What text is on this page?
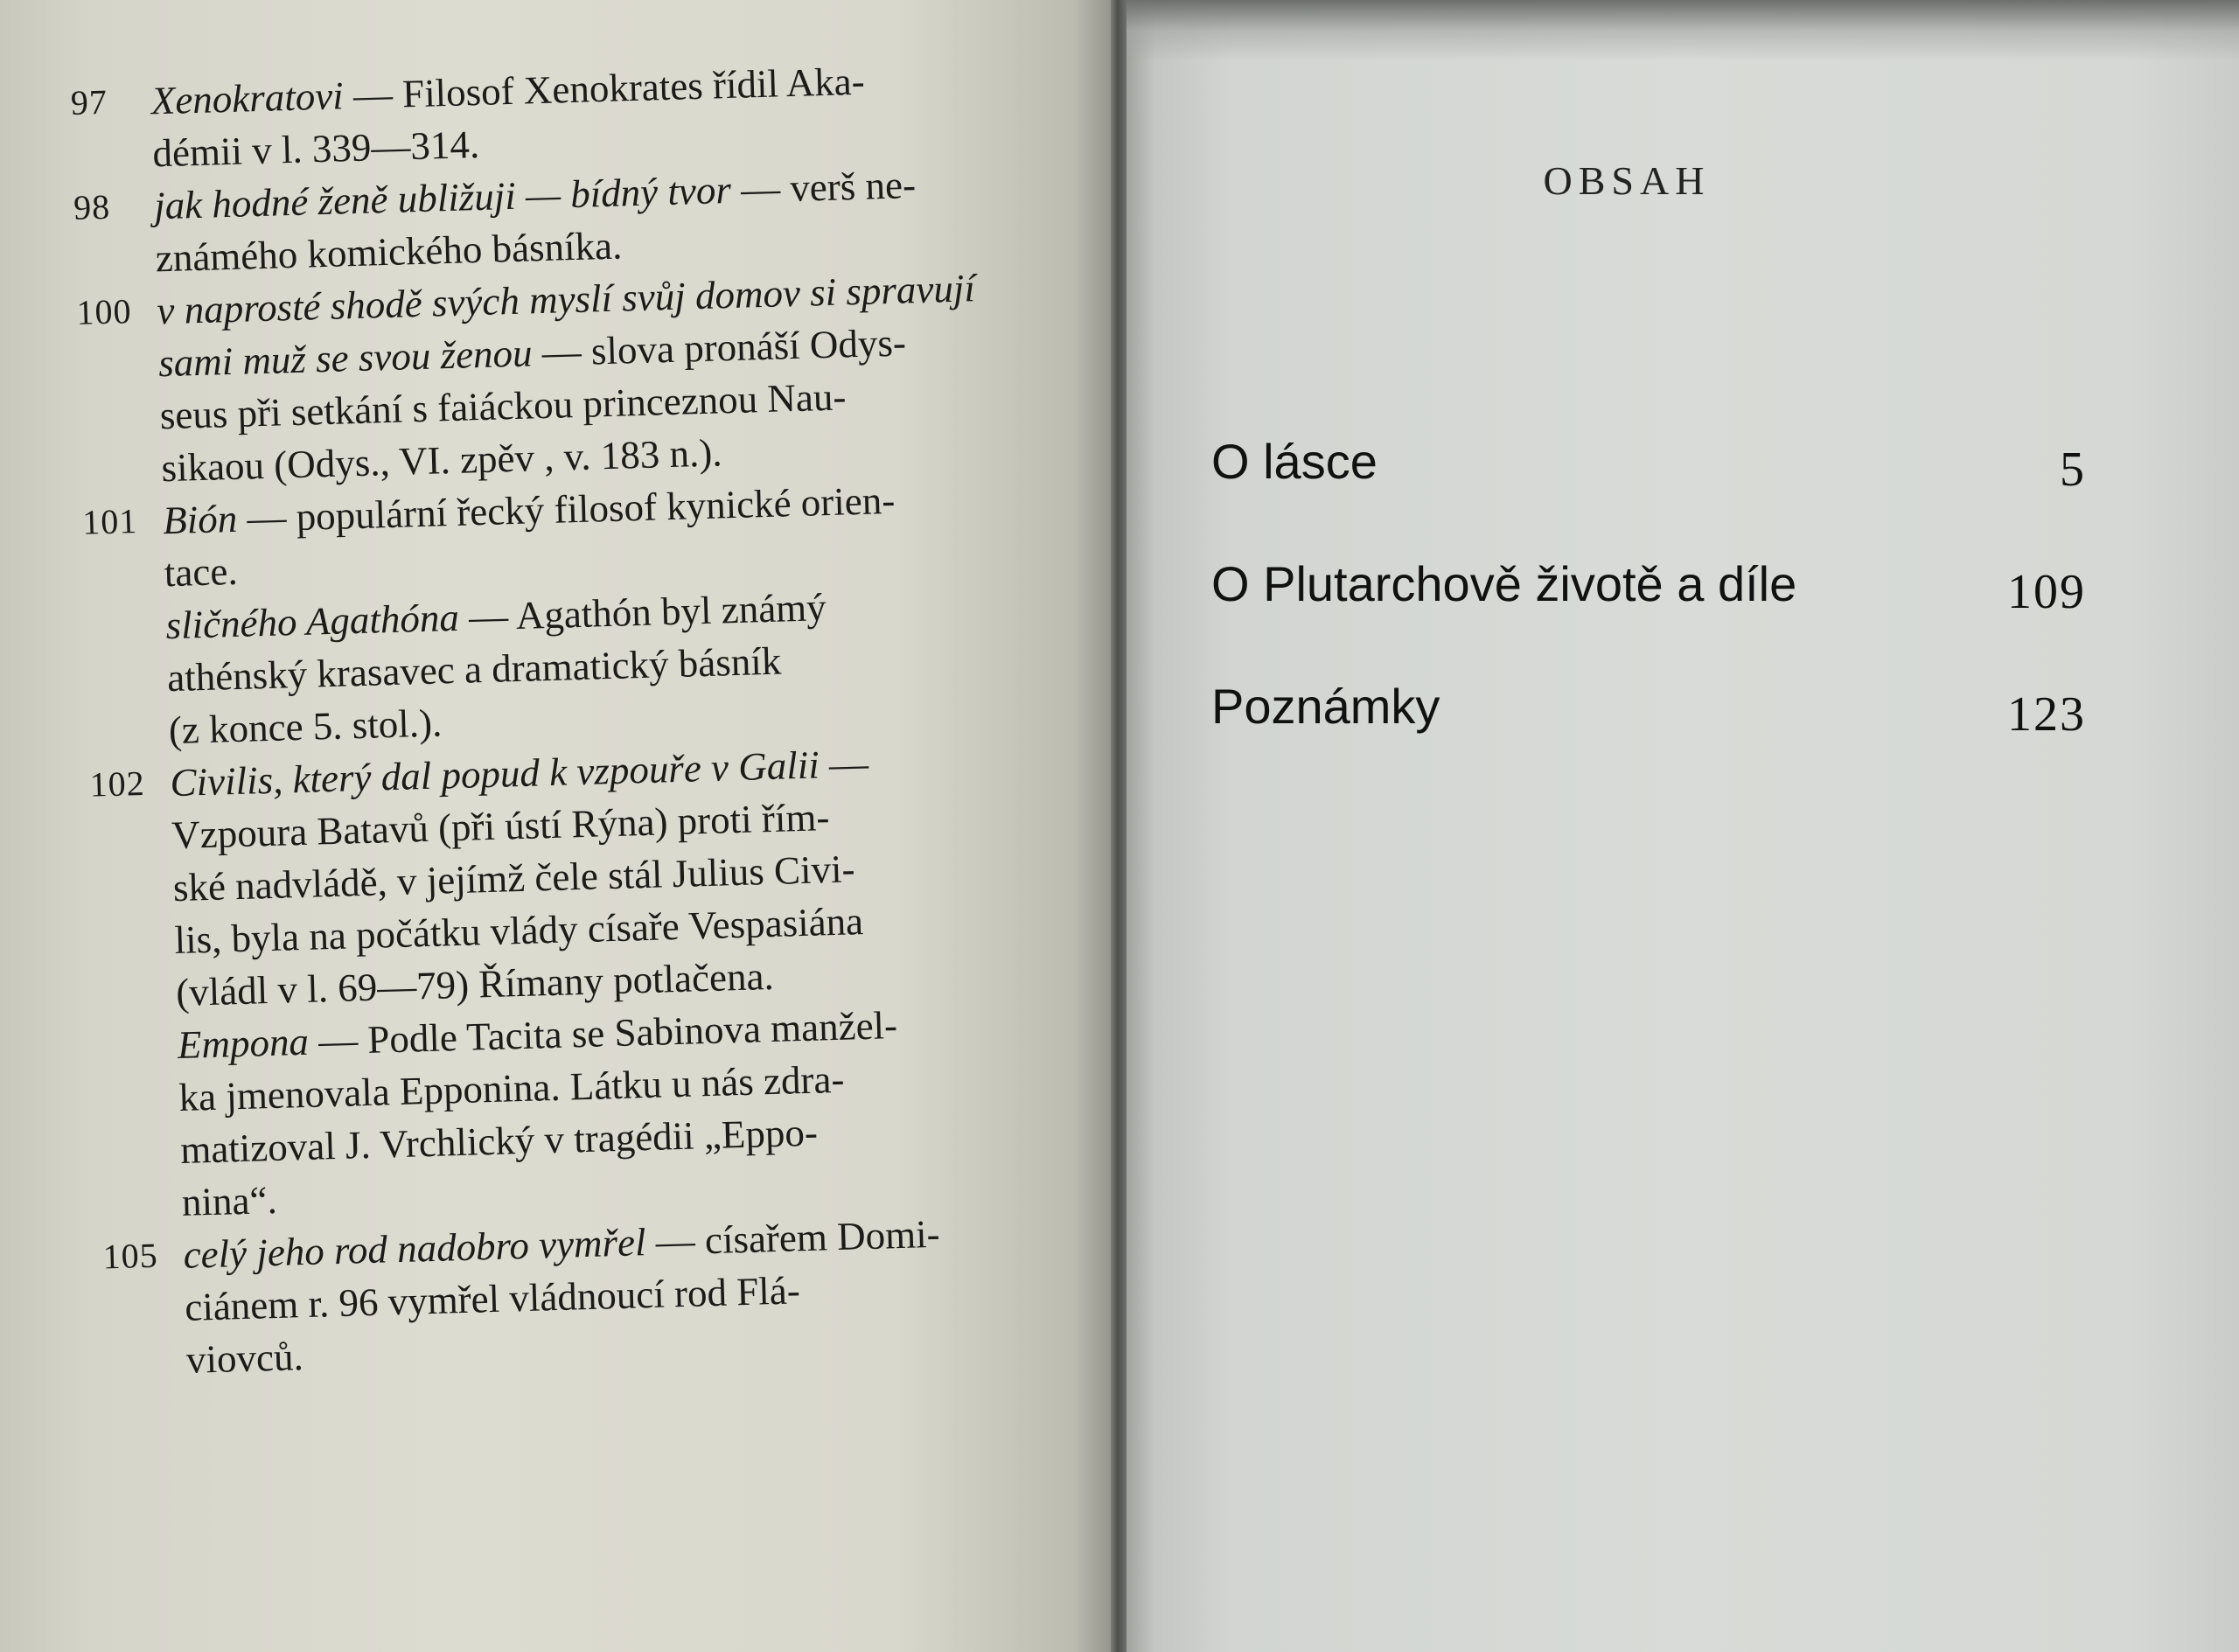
97	Xenokratovi — Filosof Xenokrates řídil Aka-
démii v l. 339—314.
98	jak hodné ženě ubližuji — bídný tvor — verš ne-
známého komického básníka.
100 v naprosté shodě svých myslí svůj domov si spravují
sami muž se svou ženou — slova pronáší Odys-
seus při setkání s faiáckou princeznou Nau-
sikaou (Odys., VI. zpěv , v. 183 n.).
101 Bión — populární řecký filosof kynické orien-
tace.
sličného Agathóna — Agathón byl známý
athénský krasavec a dramatický básník
(z konce 5. stol.).
102 Civilis, který dal popud k vzpouře v Galii —
Vzpoura Batavů (při ústí Rýna) proti řím-
ské nadvládě, v jejímž čele stál Julius Civi-
lis, byla na počátku vlády císaře Vespasiána
(vládl v l. 69—79) Římany potlačena.
Empona — Podle Tacita se Sabinova manžel-
ka jmenovala Epponina. Látku u nás zdra-
matizoval J. Vrchlický v tragédii „Eppo-
nina“.
105 celý jeho rod nadobro vymřel — císařem Domi-
ciánem r. 96 vymřel vládnoucí rod Flá-
viovců.
OBSAH
O lásce	5
O Plutarchově životě a díle	109
Poznámky	123
